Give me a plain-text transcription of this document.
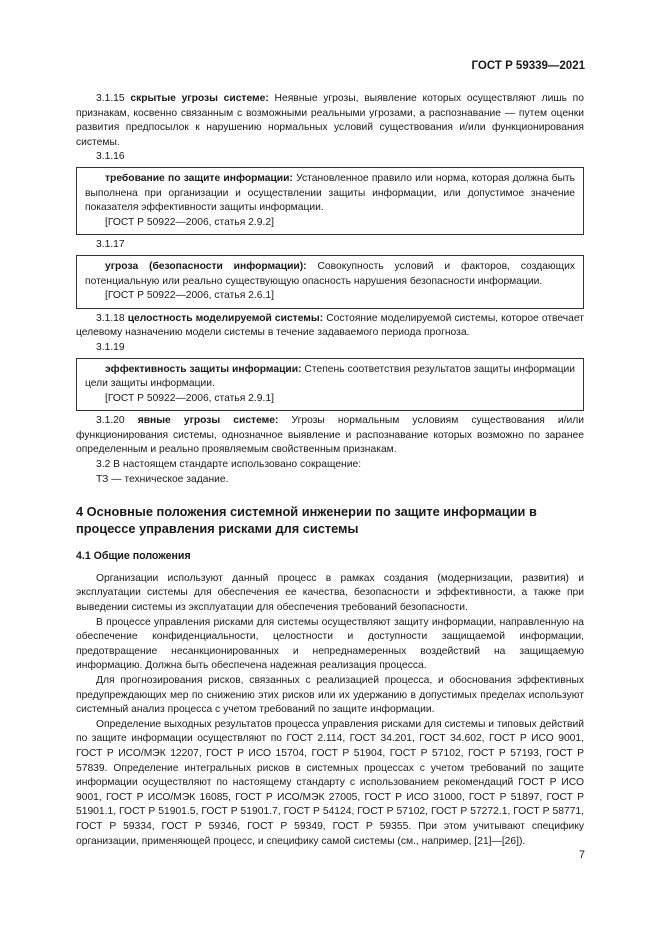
ГОСТ Р 59339—2021

3.1.15 скрытые угрозы системе: Неявные угрозы, выявление которых осуществляют лишь по признакам, косвенно связанным с возможными реальными угрозами, а распознавание — путем оценки развития предпосылок к нарушению нормальных условий существования и/или функционирования системы.

3.1.16

требование по защите информации: Установленное правило или норма, которая должна быть выполнена при организации и осуществлении защиты информации, или допустимое значение показателя эффективности защиты информации.

[ГОСТ Р 50922—2006, статья 2.9.2]

3.1.17

угроза (безопасности информации): Совокупность условий и факторов, создающих потенциальную или реально существующую опасность нарушения безопасности информации.

[ГОСТ Р 50922—2006, статья 2.6.1]

3.1.18 целостность моделируемой системы: Состояние моделируемой системы, которое отвечает целевому назначению модели системы в течение задаваемого периода прогноза.

3.1.19

эффективность защиты информации: Степень соответствия результатов защиты информации цели защиты информации.

[ГОСТ Р 50922—2006, статья 2.9.1]

3.1.20 явные угрозы системе: Угрозы нормальным условиям существования и/или функционирования системы, однозначное выявление и распознавание которых возможно по заранее определенным и реально проявляемым свойственным признакам.

3.2 В настоящем стандарте использовано сокращение:

ТЗ — техническое задание.

4 Основные положения системной инженерии по защите информации в процессе управления рисками для системы
4.1 Общие положения

Организации используют данный процесс в рамках создания (модернизации, развития) и эксплуатации системы для обеспечения ее качества, безопасности и эффективности, а также при выведении системы из эксплуатации для обеспечения требований безопасности.

В процессе управления рисками для системы осуществляют защиту информации, направленную на обеспечение конфиденциальности, целостности и доступности защищаемой информации, предотвращение несанкционированных и непреднамеренных воздействий на защищаемую информацию. Должна быть обеспечена надежная реализация процесса.

Для прогнозирования рисков, связанных с реализацией процесса, и обоснования эффективных предупреждающих мер по снижению этих рисков или их удержанию в допустимых пределах используют системный анализ процесса с учетом требований по защите информации.

Определение выходных результатов процесса управления рисками для системы и типовых действий по защите информации осуществляют по ГОСТ 2.114, ГОСТ 34.201, ГОСТ 34.602, ГОСТ Р ИСО 9001, ГОСТ Р ИСО/МЭК 12207, ГОСТ Р ИСО 15704, ГОСТ Р 51904, ГОСТ Р 57102, ГОСТ Р 57193, ГОСТ Р 57839. Определение интегральных рисков в системных процессах с учетом требований по защите информации осуществляют по настоящему стандарту с использованием рекомендаций ГОСТ Р ИСО 9001, ГОСТ Р ИСО/МЭК 16085, ГОСТ Р ИСО/МЭК 27005, ГОСТ Р ИСО 31000, ГОСТ Р 51897, ГОСТ Р 51901.1, ГОСТ Р 51901.5, ГОСТ Р 51901.7, ГОСТ Р 54124, ГОСТ Р 57102, ГОСТ Р 57272.1, ГОСТ Р 58771, ГОСТ Р 59334, ГОСТ Р 59346, ГОСТ Р 59349, ГОСТ Р 59355. При этом учитывают специфику организации, применяющей процесс, и специфику самой системы (см., например, [21]—[26]).

7
